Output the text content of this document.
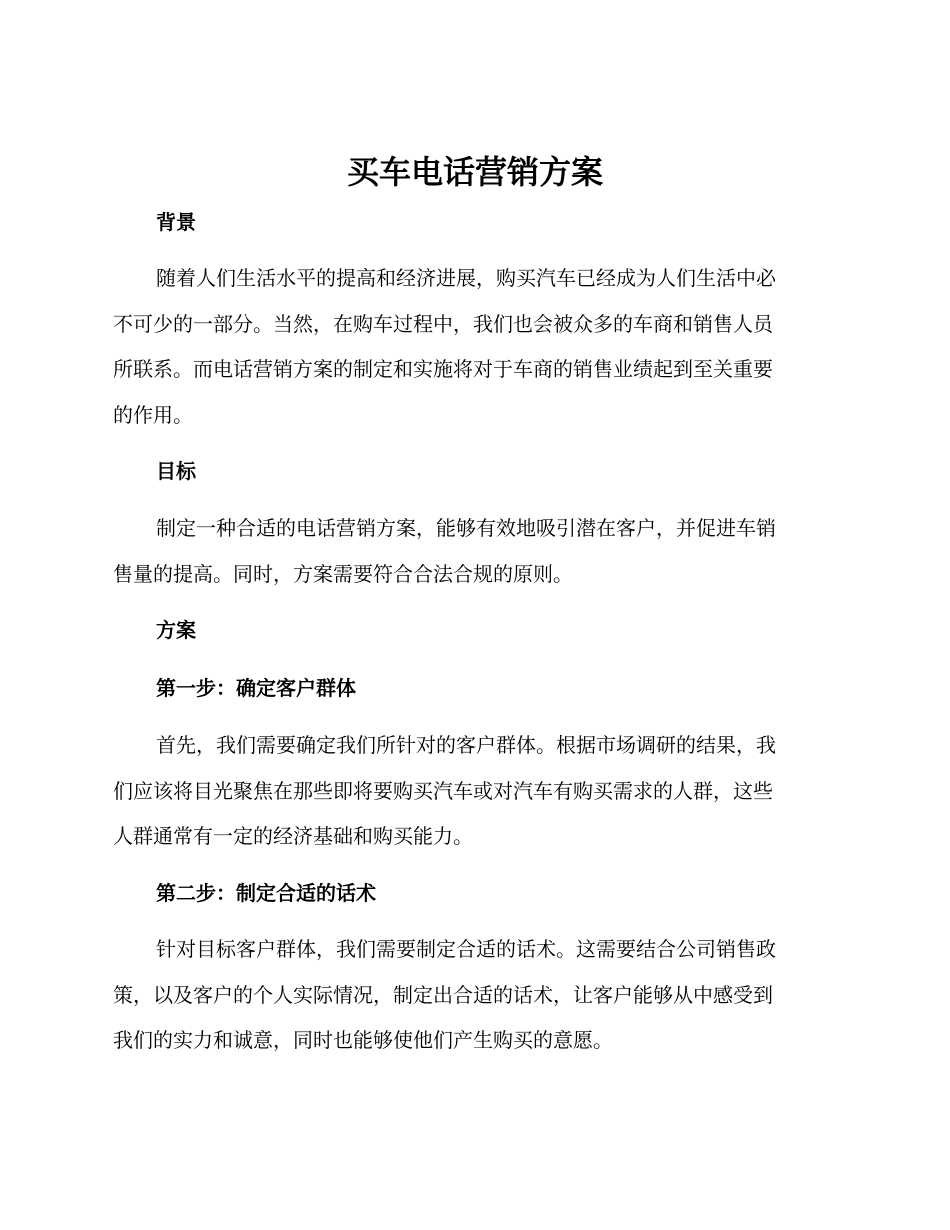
买车电话营销方案
背景
随着人们生活水平的提高和经济进展，购买汽车已经成为人们生活中必
不可少的一部分。当然，在购车过程中，我们也会被众多的车商和销售人员
所联系。而电话营销方案的制定和实施将对于车商的销售业绩起到至关重要
的作用。
目标
制定一种合适的电话营销方案，能够有效地吸引潜在客户，并促进车销
售量的提高。同时，方案需要符合合法合规的原则。
方案
第一步：确定客户群体
首先，我们需要确定我们所针对的客户群体。根据市场调研的结果，我
们应该将目光聚焦在那些即将要购买汽车或对汽车有购买需求的人群，这些
人群通常有一定的经济基础和购买能力。
第二步：制定合适的话术
针对目标客户群体，我们需要制定合适的话术。这需要结合公司销售政
策，以及客户的个人实际情况，制定出合适的话术，让客户能够从中感受到
我们的实力和诚意，同时也能够使他们产生购买的意愿。
